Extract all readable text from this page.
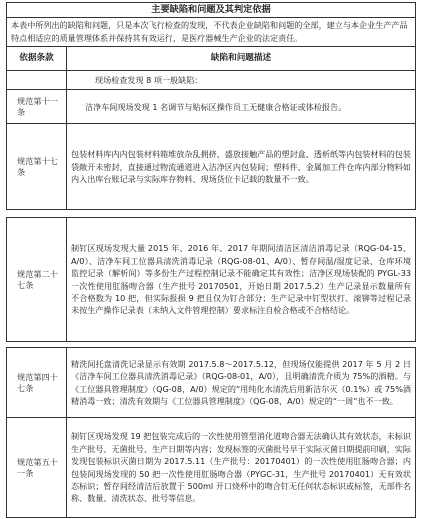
主要缺陷和问题及其判定依据	
本表中所列出的缺陷和问题，只是本次飞行检查的发现，不代表企业缺陷和问题的全部，建立与本企业生产产品特点相适应的质量管理体系并保持其有效运行，是医疗器械生产企业的法定责任。	
依据条款	缺陷和问题描述
	现场检查发现 8 项一般缺陷：
规范第十一条	洁净车间现场发现 1 名调节与贴标区操作员工无健康合格证或体检报告。
规范第十七条	包装材料库内内包装材料箱堆放杂乱拥挤，盛放接触产品的塑封盒、透析纸等内包装材料的包装袋敞开未密封，直接通过物流通道进入洁净区内包装间；塑料件、金属加工件仓库内部分物料如内入出库台账记录与实际库存物料、现场货位卡记载的数量不一致。
规范第二十七条	制钉区现场发现大量 2015 年、2016 年、2017 年期间清洁区清洁消毒记录（RQG-04-15、A/0）、洁净车间工位器具清洗消毒记录（RQG-08-01、A/0）、暂存间温/湿度记录、仓库环境监控记录（解析间）等多份生产过程控制记录不能确定其有效性；洁净区现场装配的 PYGL-33 一次性使用肛肠吻合器（生产批号 20170501，开始日期 2017.5.2）生产记录显示数量所有不合格数为 10 把，但实际报损 9 把且仅为钉合部分；生产记录中钉型状打、滚铆等过程记录未按生产操作记录表（未纳入文件管理控制）要求标注自检合格或不合格结论。
规范第四十七条	精洗间托盘清洗记录显示有效期 2017.5.8～2017.5.12，但现场仅能提供 2017 年 5 月 2 日《洁净车间工位器具清洗消毒记录》（RQG-08-01，A/0），且明确清洗介质为 75%的酒精。与《工位器具管理制度》（QG-08，A/0）规定的“用纯化水清洗后用新洁尔灭（0.1%）或 75%酒精消毒一致；清洗有效期与《工位器具管理制度》（QG-08，A/0）规定的“一周”也不一致。
规范第五十一条	制钉区现场发现 19 把包装完成后的一次性使用管型消化道吻合器无法确认其有效状态，未标识生产批号、无菌批号、生产日期等内容；发现标签的灭菌批号早于实际灭菌日期提前印刷，实际发现包装标识灭菌日期为 2017.5.11（生产批号：20170401）的一次性使用肛肠吻合器；内包装间现场发现的 50 把一次性使用肛肠吻合器（PYGC-31，生产批号 20170401）无有效状态标识；暂存间经清洁后放置于 500ml 开口烧杯中的吻合钉无任何状态标识或标签，无部件名称、数量、清洗状态、批号等信息。
